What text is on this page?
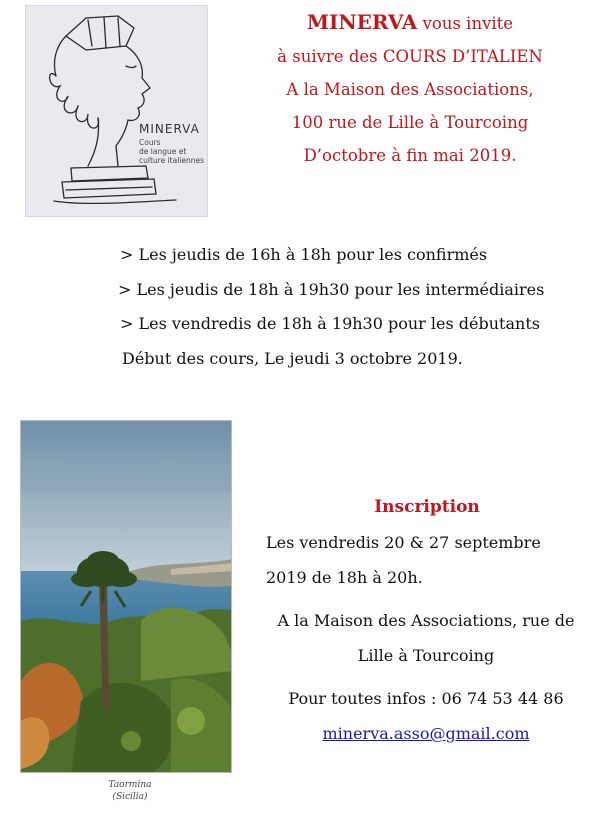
MINERVA
Cours
de langue et
culture italiennes
MINERVA vous invite
à suivre des COURS D’ITALIEN
A la Maison des Associations,
100 rue de Lille à Tourcoing
D’octobre à fin mai 2019.
> Les jeudis de 16h à 18h pour les confirmés
> Les jeudis de 18h à 19h30 pour les intermédiaires
> Les vendredis de 18h à 19h30 pour les débutants
Début des cours, Le jeudi 3 octobre 2019.
Taormina
(Sicilia)
Inscription
Les vendredis 20 & 27 septembre
2019 de 18h à 20h.
A la Maison des Associations, rue de
Lille à Tourcoing
Pour toutes infos : 06 74 53 44 86
minerva.asso@gmail.com
